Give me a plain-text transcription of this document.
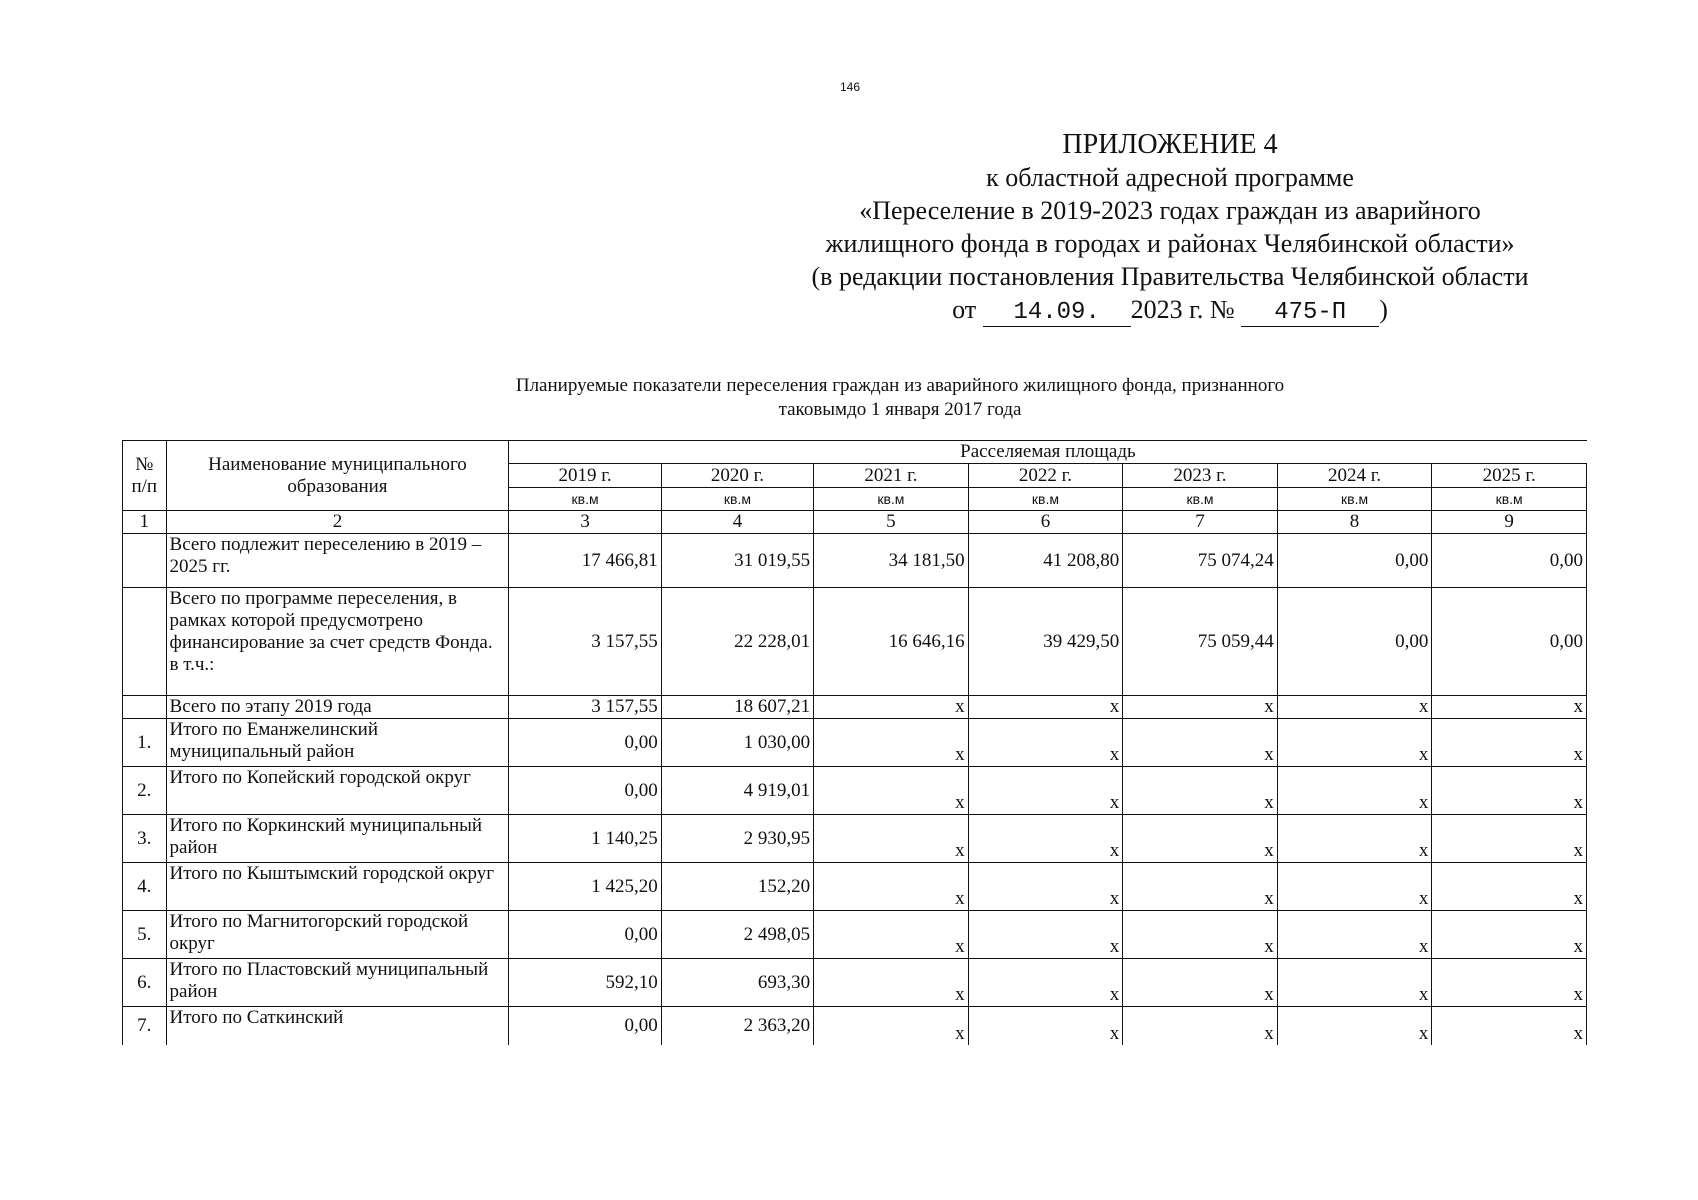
146
ПРИЛОЖЕНИЕ 4
к областной адресной программе
«Переселение в 2019-2023 годах граждан из аварийного
жилищного фонда в городах и районах Челябинской области»
(в редакции постановления Правительства Челябинской области
от 14.09. 2023 г. № 475-П )
Планируемые показатели переселения граждан из аварийного жилищного фонда, признанного
таковымдо 1 января 2017 года
№ п/п	Наименование муниципального образования	Расселяемая площадь						
		2019 г.	2020 г.	2021 г.	2022 г.	2023 г.	2024 г.	2025 г.
		кв.м	кв.м	кв.м	кв.м	кв.м	кв.м	кв.м
1	2	3	4	5	6	7	8	9
	Всего подлежит переселению в 2019 – 2025 гг.	17 466,81	31 019,55	34 181,50	41 208,80	75 074,24	0,00	0,00
	Всего по программе переселения, в рамках которой предусмотрено финансирование за счет средств Фонда. в т.ч.:	3 157,55	22 228,01	16 646,16	39 429,50	75 059,44	0,00	0,00
	Всего по этапу 2019 года	3 157,55	18 607,21	x	x	x	x	x
1.	Итого по Еманжелинский муниципальный район	0,00	1 030,00	x	x	x	x	x
2.	Итого по Копейский городской округ	0,00	4 919,01	x	x	x	x	x
3.	Итого по Коркинский муниципальный район	1 140,25	2 930,95	x	x	x	x	x
4.	Итого по Кыштымский городской округ	1 425,20	152,20	x	x	x	x	x
5.	Итого по Магнитогорский городской округ	0,00	2 498,05	x	x	x	x	x
6.	Итого по Пластовский муниципальный район	592,10	693,30	x	x	x	x	x
7.	Итого по Саткинский	0,00	2 363,20	x	x	x	x	x
